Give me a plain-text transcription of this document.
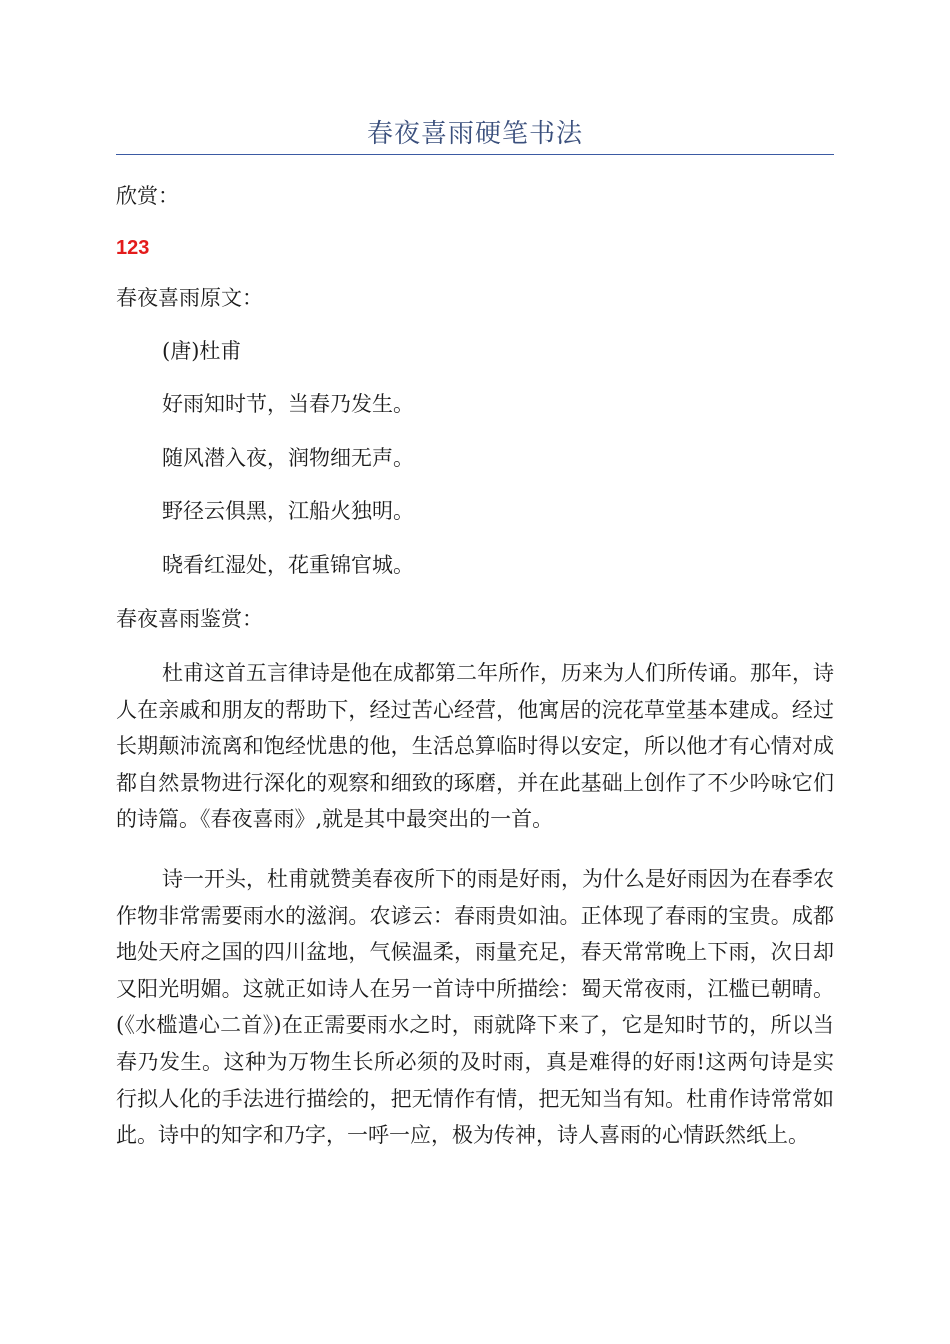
春夜喜雨硬笔书法
欣赏：
123
春夜喜雨原文：
(唐)杜甫
好雨知时节，当春乃发生。
随风潜入夜，润物细无声。
野径云俱黑，江船火独明。
晓看红湿处，花重锦官城。
春夜喜雨鉴赏：
杜甫这首五言律诗是他在成都第二年所作，历来为人们所传诵。那年，诗人在亲戚和朋友的帮助下，经过苦心经营，他寓居的浣花草堂基本建成。经过长期颠沛流离和饱经忧患的他，生活总算临时得以安定，所以他才有心情对成都自然景物进行深化的观察和细致的琢磨，并在此基础上创作了不少吟咏它们的诗篇。《春夜喜雨》,就是其中最突出的一首。
诗一开头，杜甫就赞美春夜所下的雨是好雨，为什么是好雨因为在春季农作物非常需要雨水的滋润。农谚云：春雨贵如油。正体现了春雨的宝贵。成都地处天府之国的四川盆地，气候温柔，雨量充足，春天常常晚上下雨，次日却又阳光明媚。这就正如诗人在另一首诗中所描绘：蜀天常夜雨，江槛已朝晴。(《水槛遣心二首》)在正需要雨水之时，雨就降下来了，它是知时节的，所以当春乃发生。这种为万物生长所必须的及时雨，真是难得的好雨!这两句诗是实行拟人化的手法进行描绘的，把无情作有情，把无知当有知。杜甫作诗常常如此。诗中的知字和乃字，一呼一应，极为传神，诗人喜雨的心情跃然纸上。
